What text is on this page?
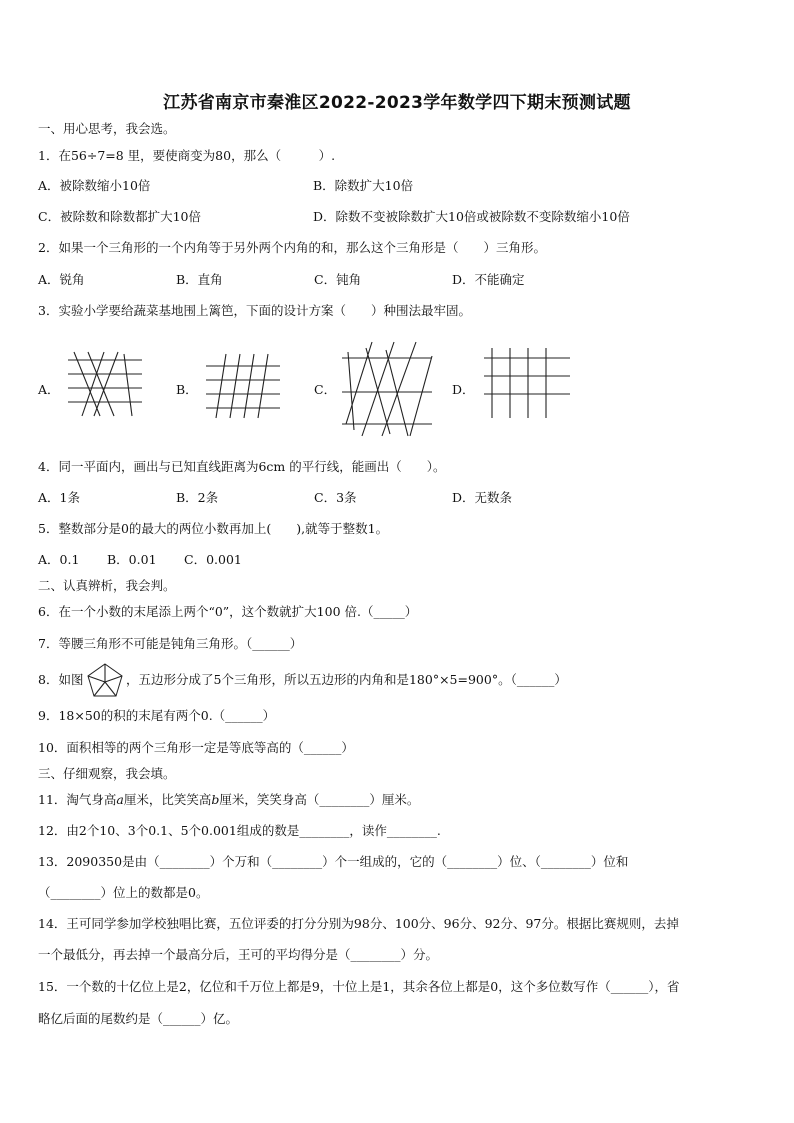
江苏省南京市秦淮区2022-2023学年数学四下期末预测试题
一、用心思考，我会选。
1．在56÷7=8 里，要使商变为80，那么（　　　）.
A．被除数缩小10倍	B．除数扩大10倍
C．被除数和除数都扩大10倍	D．除数不变被除数扩大10倍或被除数不变除数缩小10倍
2．如果一个三角形的一个内角等于另外两个内角的和，那么这个三角形是（　　）三角形。
A．锐角	B．直角	C．钝角	D．不能确定
3．实验小学要给蔬菜基地围上篱笆，下面的设计方案（　　）种围法最牢固。
A．	B．	C．	D．
4．同一平面内，画出与已知直线距离为6cm 的平行线，能画出（　　）。
A．1条	B．2条	C．3条	D．无数条
5．整数部分是0的最大的两位小数再加上(　　),就等于整数1。
A．0.1 B．0.01 C．0.001
二、认真辨析，我会判。
6．在一个小数的末尾添上两个“0”，这个数就扩大100 倍.（_____）
7．等腰三角形不可能是钝角三角形。（______）
8．如图	，五边形分成了5个三角形，所以五边形的内角和是180°×5=900°。（______）
9．18×50的积的末尾有两个0.（______）
10．面积相等的两个三角形一定是等底等高的（______）
三、仔细观察，我会填。
11．淘气身高a厘米，比笑笑高b厘米，笑笑身高（________）厘米。
12．由2个10、3个0.1、5个0.001组成的数是________，读作________.
13．2090350是由（________）个万和（________）个一组成的，它的（________）位、（________）位和
（________）位上的数都是0。
14．王可同学参加学校独唱比赛，五位评委的打分分别为98分、100分、96分、92分、97分。根据比赛规则，去掉
一个最低分，再去掉一个最高分后，王可的平均得分是（________）分。
15．一个数的十亿位上是2，亿位和千万位上都是9，十位上是1，其余各位上都是0，这个多位数写作（______），省
略亿后面的尾数约是（______）亿。
